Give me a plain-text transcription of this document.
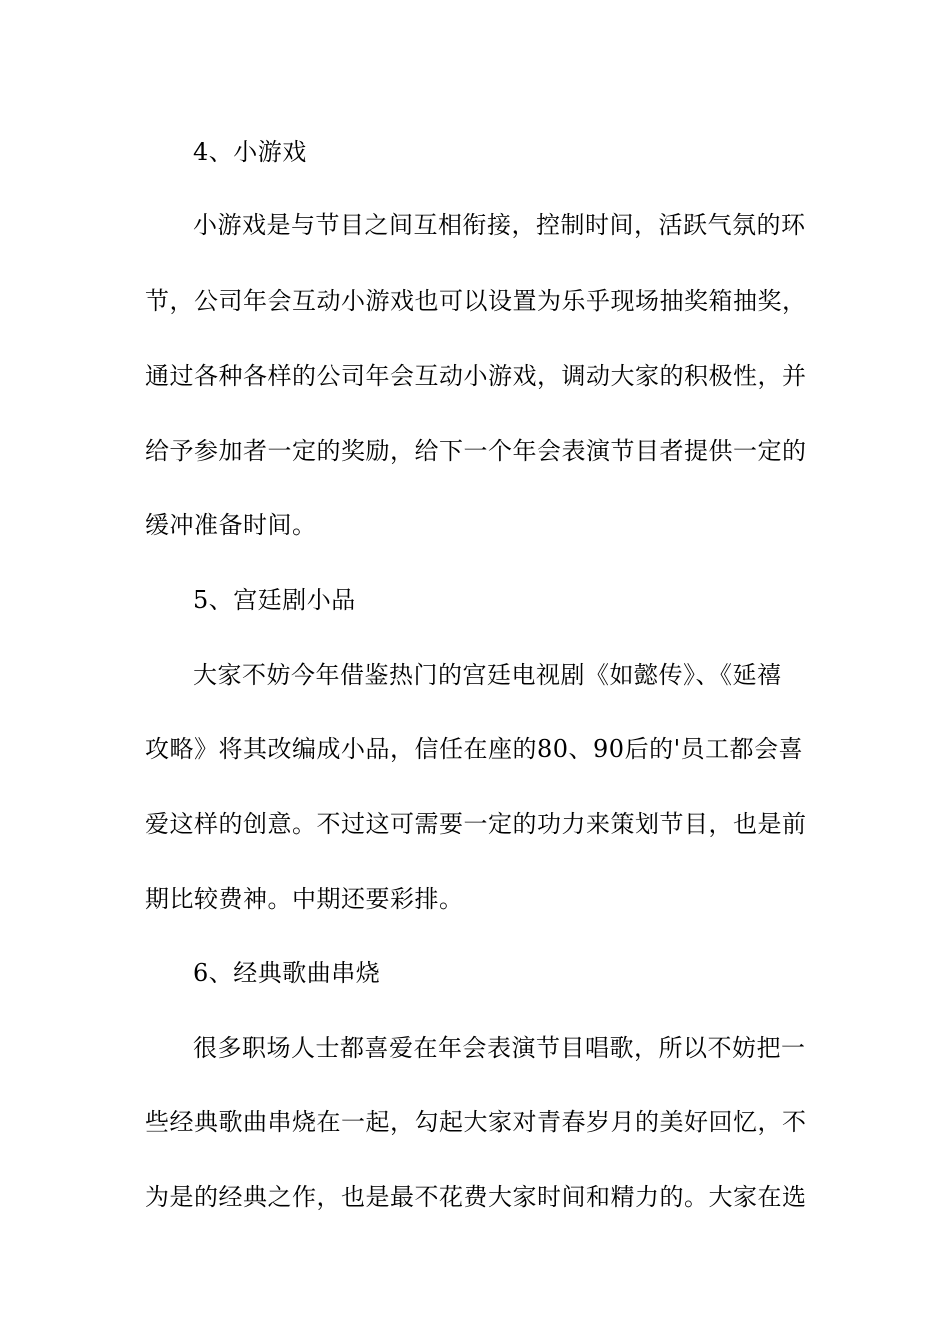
4、小游戏
小游戏是与节目之间互相衔接，控制时间，活跃气氛的环
节，公司年会互动小游戏也可以设置为乐乎现场抽奖箱抽奖，
通过各种各样的公司年会互动小游戏，调动大家的积极性，并
给予参加者一定的奖励，给下一个年会表演节目者提供一定的
缓冲准备时间。
5、宫廷剧小品
大家不妨今年借鉴热门的宫廷电视剧《如懿传》、《延禧
攻略》将其改编成小品，信任在座的80、90后的'员工都会喜
爱这样的创意。不过这可需要一定的功力来策划节目，也是前
期比较费神。中期还要彩排。
6、经典歌曲串烧
很多职场人士都喜爱在年会表演节目唱歌，所以不妨把一
些经典歌曲串烧在一起，勾起大家对青春岁月的美好回忆，不
为是的经典之作，也是最不花费大家时间和精力的。大家在选
